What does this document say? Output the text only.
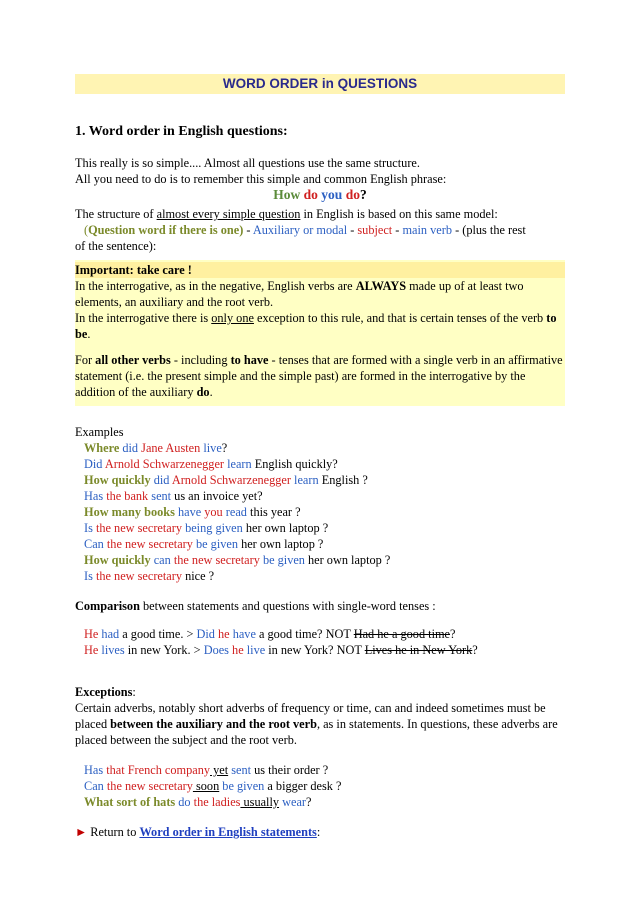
WORD ORDER in QUESTIONS
1. Word order in English questions:

This really is so simple.... Almost all questions use the same structure.

All you need to do is to remember this simple and common English phrase:

How do you do?

The structure of almost every simple question in English is based on this same model:

(Question word if there is one) - Auxiliary or modal - subject - main verb - (plus the rest

of the sentence):

Important: take care !

In the interrogative, as in the negative, English verbs are ALWAYS made up of at least two elements, an auxiliary and the root verb.

In the interrogative there is only one exception to this rule, and that is certain tenses of the verb to be.

For all other verbs - including to have - tenses that are formed with a single verb in an affirmative statement (i.e. the present simple and the simple past) are formed in the interrogative by the addition of the auxiliary do.

Examples

Where did Jane Austen live?

Did Arnold Schwarzenegger learn English quickly?

How quickly did Arnold Schwarzenegger learn English ?

Has the bank sent us an invoice yet?

How many books have you read this year ?

Is the new secretary being given her own laptop ?

Can the new secretary be given her own laptop ?

How quickly can the new secretary be given her own laptop ?

Is the new secretary nice ?

Comparison between statements and questions with single-word tenses :

He had a good time. > Did he have a good time? NOT Had he a good time?

He lives in new York. > Does he live in new York? NOT Lives he in New York?

Exceptions:

Certain adverbs, notably short adverbs of frequency or time, can and indeed sometimes must be placed between the auxiliary and the root verb, as in statements. In questions, these adverbs are placed between the subject and the root verb.

Has that French company yet sent us their order ?

Can the new secretary soon be given a bigger desk ?

What sort of hats do the ladies usually wear?

► Return to Word order in English statements:
